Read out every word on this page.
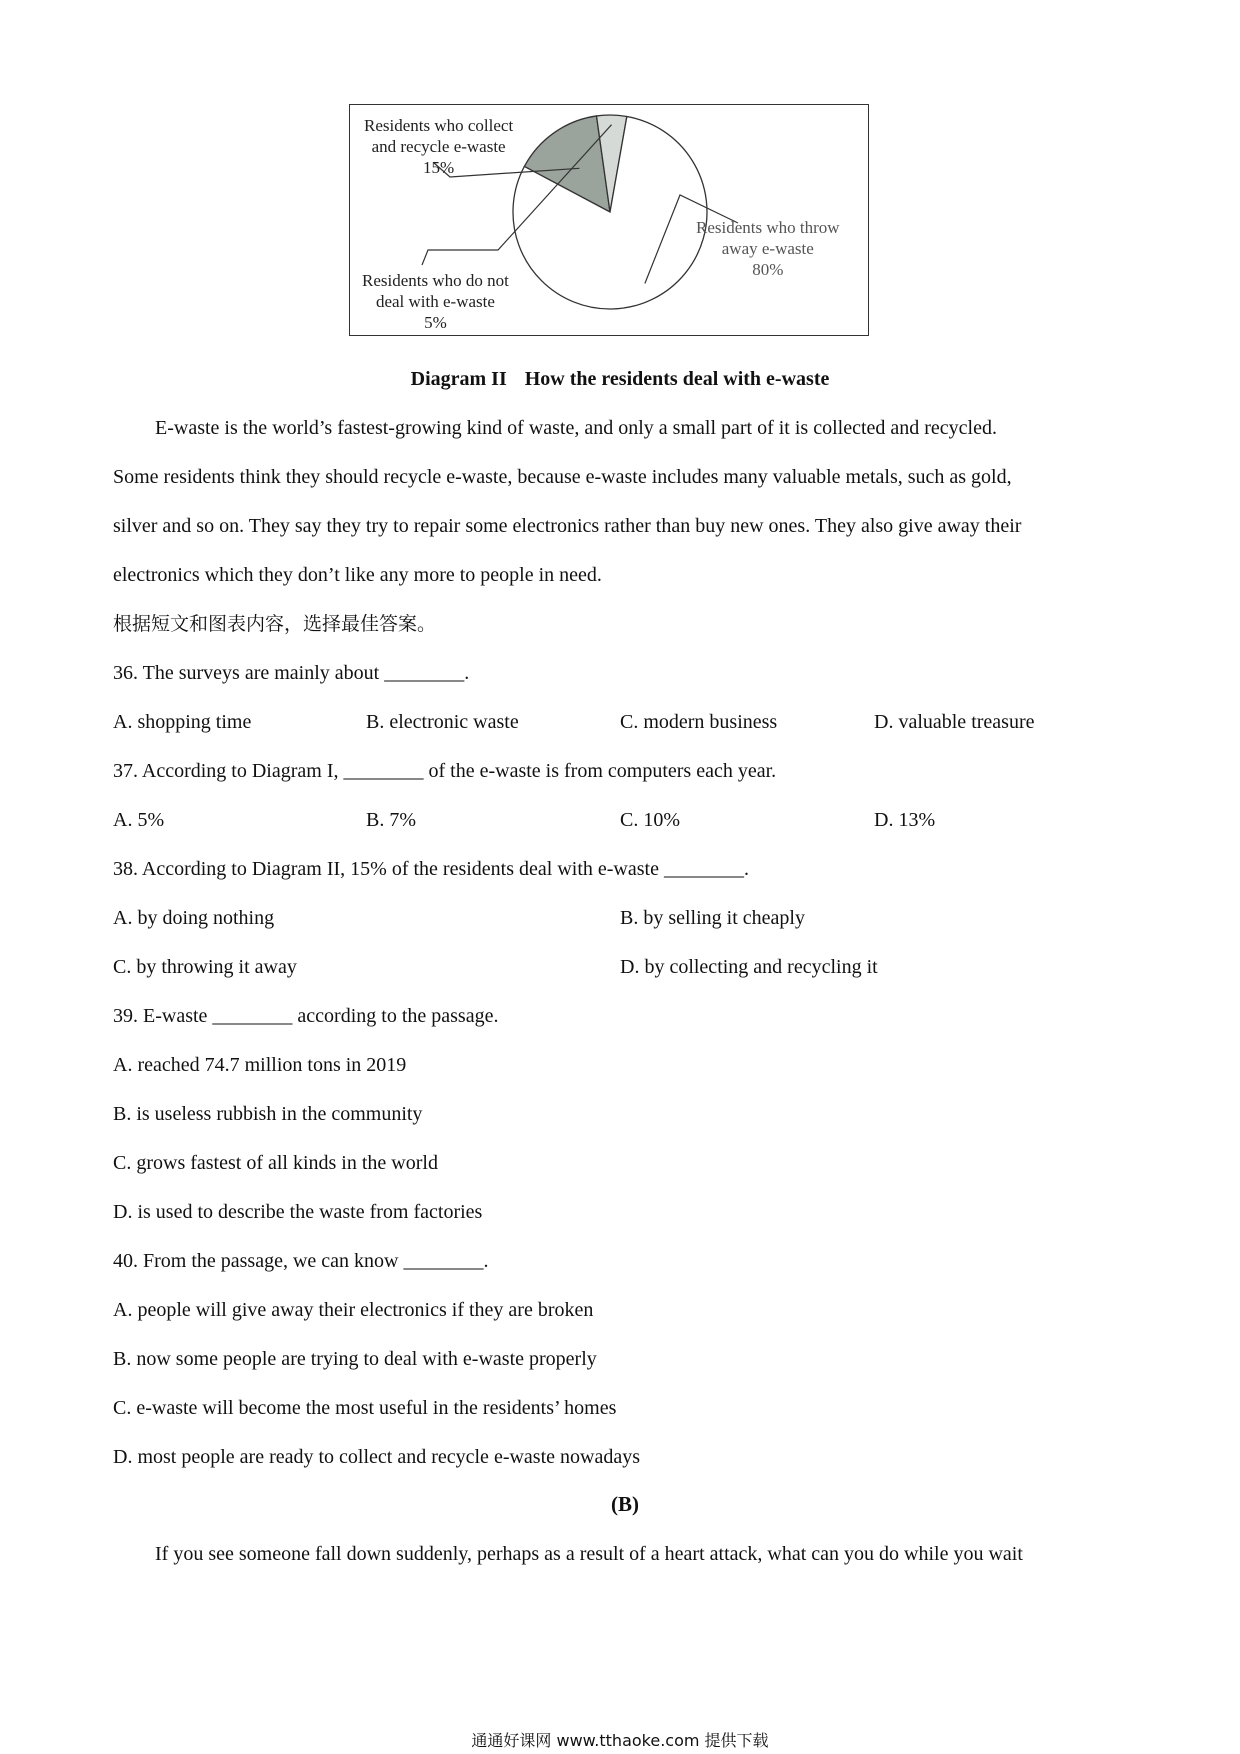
Residents who collect
and recycle e-waste
15%
Residents who do not
deal with e-waste
5%
Residents who throw
away e-waste
80%
Diagram II How the residents deal with e-waste
E-waste is the world’s fastest-growing kind of waste, and only a small part of it is collected and recycled.
Some residents think they should recycle e-waste, because e-waste includes many valuable metals, such as gold,
silver and so on. They say they try to repair some electronics rather than buy new ones. They also give away their
electronics which they don’t like any more to people in need.
根据短文和图表内容，选择最佳答案。
36. The surveys are mainly about ________.
A. shopping time	B. electronic waste	C. modern business	D. valuable treasure
37. According to Diagram I, ________ of the e-waste is from computers each year.
A. 5%	B. 7%	C. 10%	D. 13%
38. According to Diagram II, 15% of the residents deal with e-waste ________.
A. by doing nothing	B. by selling it cheaply
C. by throwing it away	D. by collecting and recycling it
39. E-waste ________ according to the passage.
A. reached 74.7 million tons in 2019
B. is useless rubbish in the community
C. grows fastest of all kinds in the world
D. is used to describe the waste from factories
40. From the passage, we can know ________.
A. people will give away their electronics if they are broken
B. now some people are trying to deal with e-waste properly
C. e-waste will become the most useful in the residents’ homes
D. most people are ready to collect and recycle e-waste nowadays
(B)
If you see someone fall down suddenly, perhaps as a result of a heart attack, what can you do while you wait
通通好课网 www.tthaoke.com 提供下载
